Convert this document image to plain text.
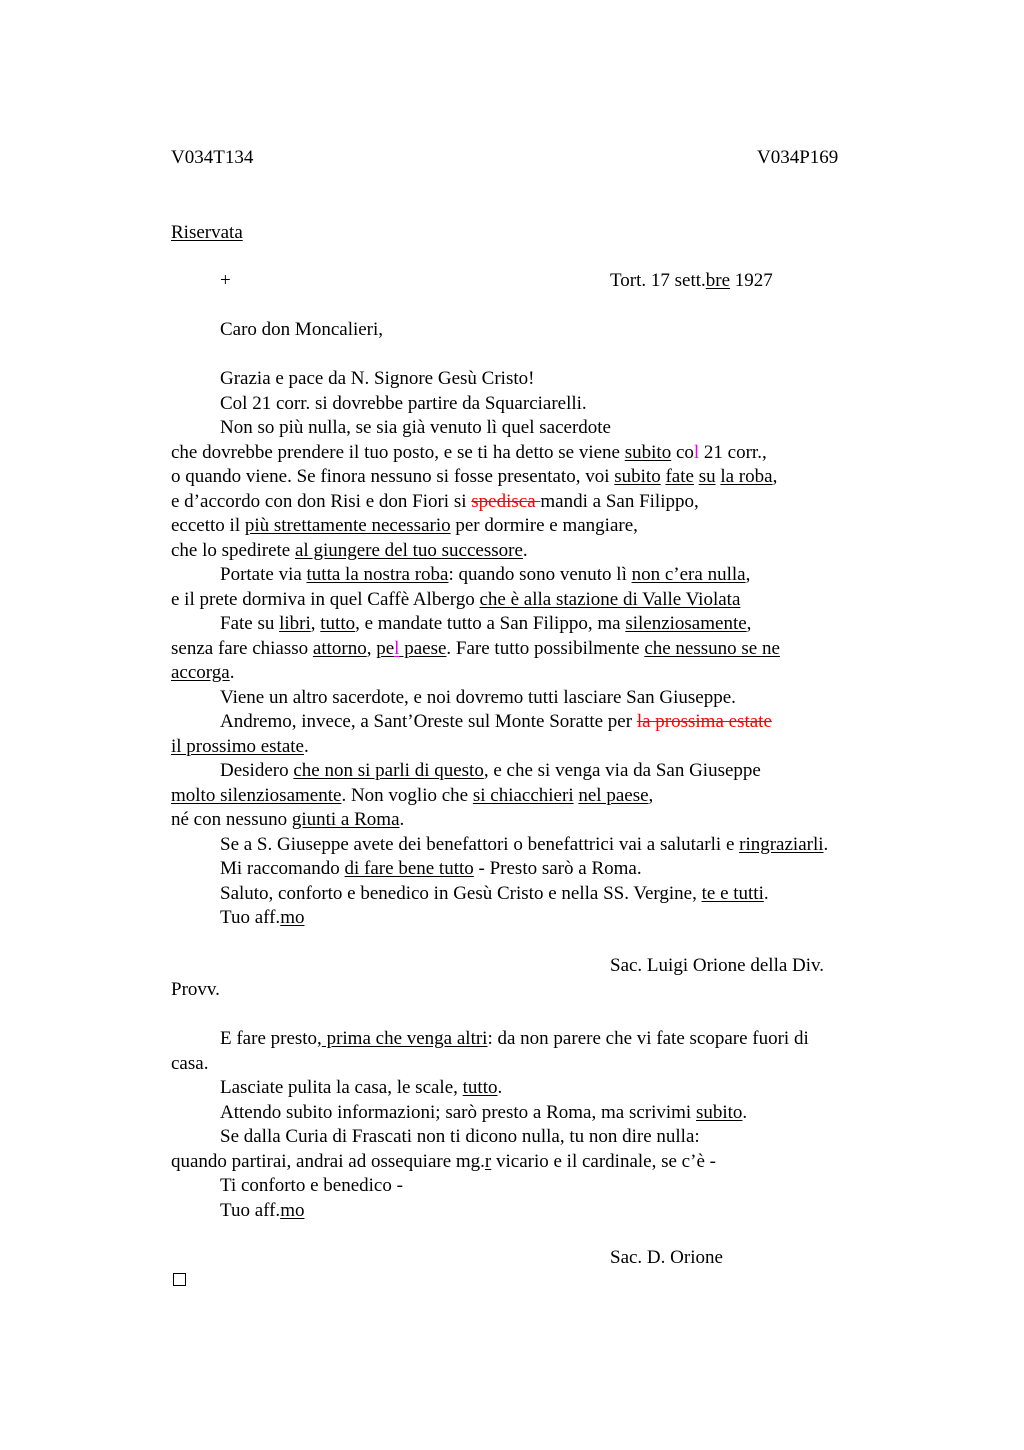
V034T134	V034P169
Riservata
+	Tort. 17 sett.bre 1927
Caro don Moncalieri,
Grazia e pace da N. Signore Gesù Cristo!
Col 21 corr. si dovrebbe partire da Squarciarelli.
Non so più nulla, se sia già venuto lì quel sacerdote
che dovrebbe prendere il tuo posto, e se ti ha detto se viene subito col 21 corr.,
o quando viene. Se finora nessuno si fosse presentato, voi subito fate su la roba,
e d’accordo con don Risi e don Fiori si spedisca mandi a San Filippo,
eccetto il più strettamente necessario per dormire e mangiare,
che lo spedirete al giungere del tuo successore.
Portate via tutta la nostra roba: quando sono venuto lì non c’era nulla,
e il prete dormiva in quel Caffè Albergo che è alla stazione di Valle Violata
Fate su libri, tutto, e mandate tutto a San Filippo, ma silenziosamente,
senza fare chiasso attorno, pel paese. Fare tutto possibilmente che nessuno se ne
accorga.
Viene un altro sacerdote, e noi dovremo tutti lasciare San Giuseppe.
Andremo, invece, a Sant’Oreste sul Monte Soratte per la prossima estate
il prossimo estate.
Desidero che non si parli di questo, e che si venga via da San Giuseppe
molto silenziosamente. Non voglio che si chiacchieri nel paese,
né con nessuno giunti a Roma.
Se a S. Giuseppe avete dei benefattori o benefattrici vai a salutarli e ringraziarli.
Mi raccomando di fare bene tutto - Presto sarò a Roma.
Saluto, conforto e benedico in Gesù Cristo e nella SS. Vergine, te e tutti.
Tuo aff.mo
Sac. Luigi Orione della Div.
Provv.
E fare presto, prima che venga altri: da non parere che vi fate scopare fuori di
casa.
Lasciate pulita la casa, le scale, tutto.
Attendo subito informazioni; sarò presto a Roma, ma scrivimi subito.
Se dalla Curia di Frascati non ti dicono nulla, tu non dire nulla:
quando partirai, andrai ad ossequiare mg.r vicario e il cardinale, se c’è -
Ti conforto e benedico -
Tuo aff.mo
Sac. D. Orione
